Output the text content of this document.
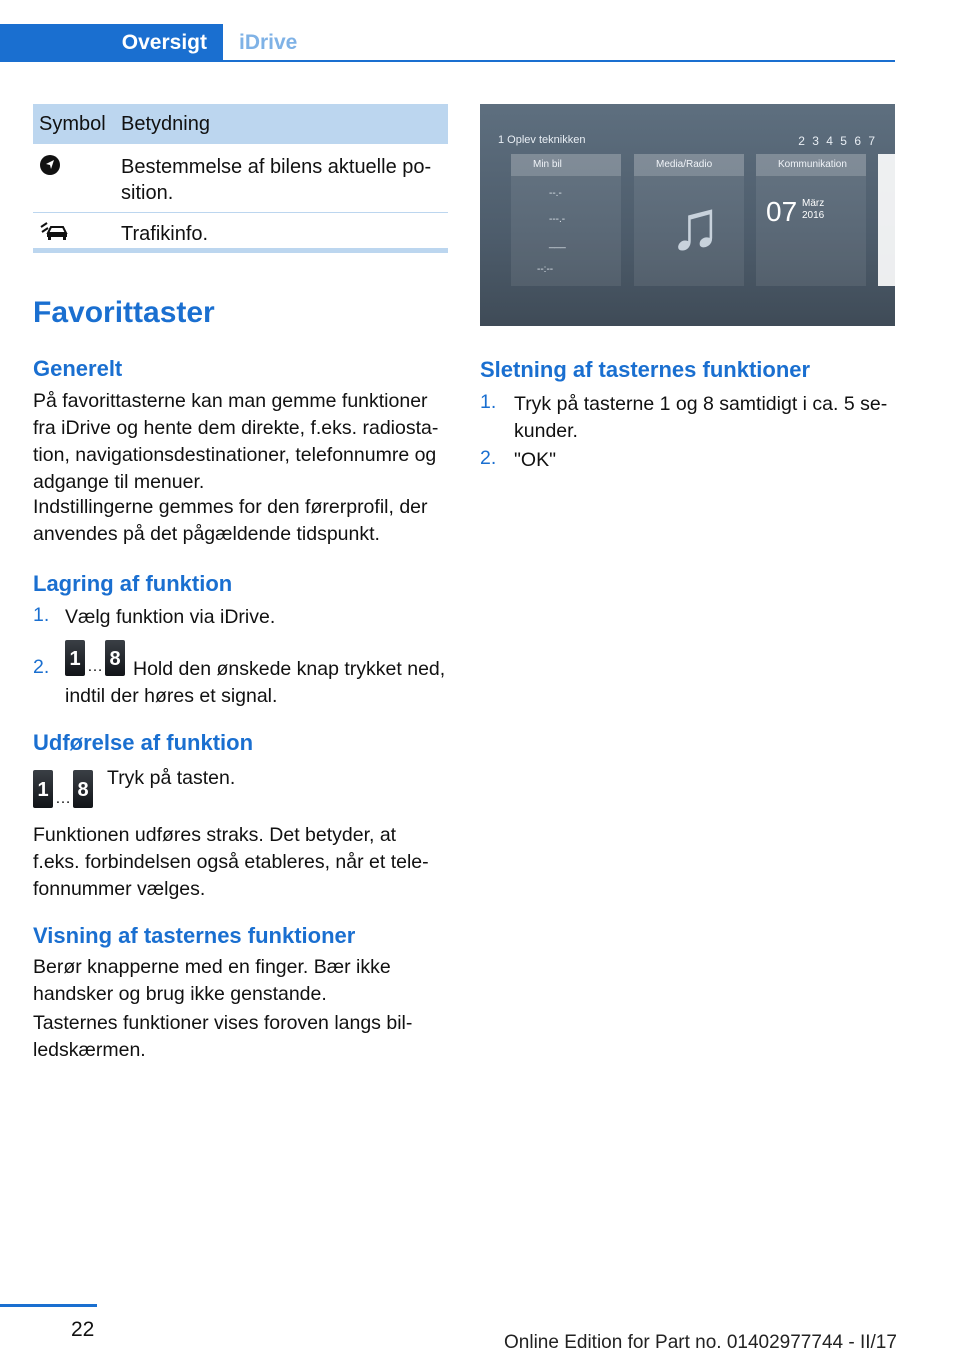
Oversigt iDrive
Symbol	Betydning
	Bestemmelse af bilens aktuelle po-sition.
	Trafikinfo.
Favorittaster
Generelt

På favorittasterne kan man gemme funktioner fra iDrive og hente dem direkte, f.eks. radiosta-tion, navigationsdestinationer, telefonnumre og adgange til menuer.

Indstillingerne gemmes for den førerprofil, der anvendes på det pågældende tidspunkt.

Lagring af funktion
1. Vælg funktion via iDrive.

2. 1 … 8 Hold den ønskede knap trykket ned, indtil der høres et signal.

Udførelse af funktion
1 … 8

Tryk på tasten.

Funktionen udføres straks. Det betyder, at f.eks. forbindelsen også etableres, når et tele-fonnummer vælges.

Visning af tasternes funktioner

Berør knapperne med en finger. Bær ikke handsker og brug ikke genstande.

Tasternes funktioner vises foroven langs bil-ledskærmen.

1 Oplev teknikken	2 3 4 5 6 7
Min bil
--.-
---.-
___
--:--
Media/Radio
♫
Kommunikation
07 März
2016
Sletning af tasternes funktioner
1. Tryk på tasterne 1 og 8 samtidigt i ca. 5 se-kunder.

2. "OK"

22
Online Edition for Part no. 01402977744 - II/17
